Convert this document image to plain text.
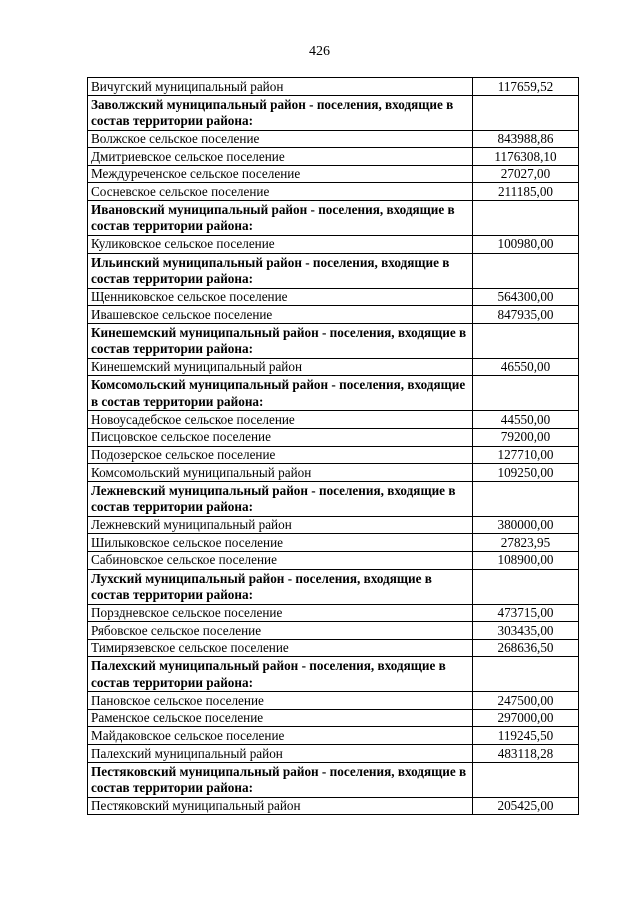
426
Вичугский муниципальный район	117659,52
Заволжский муниципальный район - поселения, входящие в состав территории района:	
Волжское сельское поселение	843988,86
Дмитриевское сельское поселение	1176308,10
Междуреченское сельское поселение	27027,00
Сосневское сельское поселение	211185,00
Ивановский муниципальный район - поселения, входящие в состав территории района:	
Куликовское сельское поселение	100980,00
Ильинский муниципальный район - поселения, входящие в состав территории района:	
Щенниковское сельское поселение	564300,00
Ивашевское сельское поселение	847935,00
Кинешемский муниципальный район - поселения, входящие в состав территории района:	
Кинешемский муниципальный район	46550,00
Комсомольский муниципальный район - поселения, входящие в состав территории района:	
Новоусадебское сельское поселение	44550,00
Писцовское сельское поселение	79200,00
Подозерское сельское поселение	127710,00
Комсомольский муниципальный район	109250,00
Лежневский муниципальный район - поселения, входящие в состав территории района:	
Лежневский муниципальный район	380000,00
Шилыковское сельское поселение	27823,95
Сабиновское сельское поселение	108900,00
Лухский муниципальный район - поселения, входящие в состав территории района:	
Порздневское сельское поселение	473715,00
Рябовское сельское поселение	303435,00
Тимирязевское сельское поселение	268636,50
Палехский муниципальный район - поселения, входящие в состав территории района:	
Пановское сельское поселение	247500,00
Раменское сельское поселение	297000,00
Майдаковское сельское поселение	119245,50
Палехский муниципальный район	483118,28
Пестяковский муниципальный район - поселения, входящие в состав территории района:	
Пестяковский муниципальный район	205425,00
